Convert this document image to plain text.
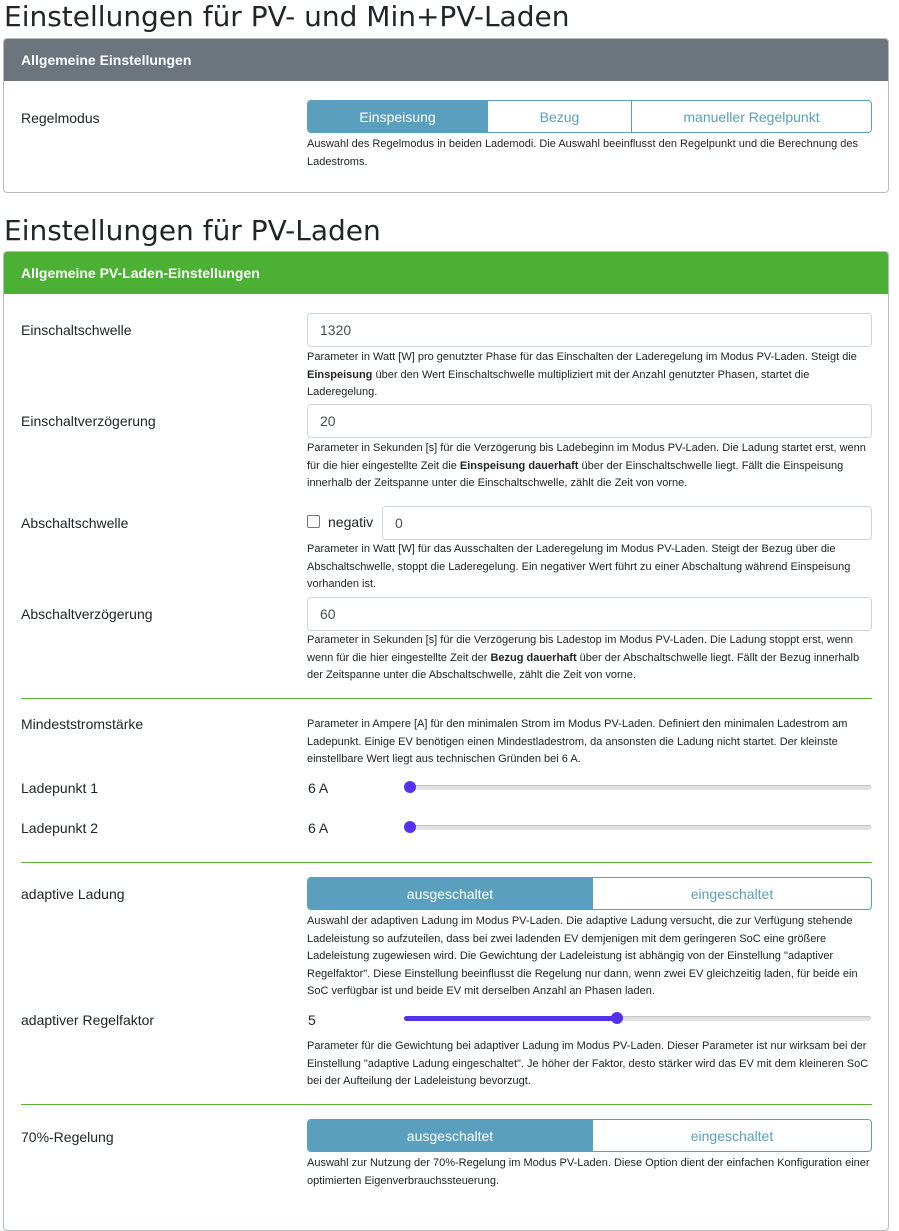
Einstellungen für PV- und Min+PV-Laden
Allgemeine Einstellungen
Regelmodus	Einspeisung	Bezug	manueller Regelpunkt
Auswahl des Regelmodus in beiden Lademodi. Die Auswahl beeinflusst den Regelpunkt und die Berechnung des Ladestroms.
Einstellungen für PV-Laden
Allgemeine PV-Laden-Einstellungen
Einschaltschwelle	1320
Parameter in Watt [W] pro genutzter Phase für das Einschalten der Laderegelung im Modus PV-Laden. Steigt die Einspeisung über den Wert Einschaltschwelle multipliziert mit der Anzahl genutzter Phasen, startet die Laderegelung.
Einschaltverzögerung	20
Parameter in Sekunden [s] für die Verzögerung bis Ladebeginn im Modus PV-Laden. Die Ladung startet erst, wenn für die hier eingestellte Zeit die Einspeisung dauerhaft über der Einschaltschwelle liegt. Fällt die Einspeisung innerhalb der Zeitspanne unter die Einschaltschwelle, zählt die Zeit von vorne.
Abschaltschwelle	negativ	0
Parameter in Watt [W] für das Ausschalten der Laderegelung im Modus PV-Laden. Steigt der Bezug über die Abschaltschwelle, stoppt die Laderegelung. Ein negativer Wert führt zu einer Abschaltung während Einspeisung vorhanden ist.
Abschaltverzögerung	60
Parameter in Sekunden [s] für die Verzögerung bis Ladestop im Modus PV-Laden. Die Ladung stoppt erst, wenn wenn für die hier eingestellte Zeit der Bezug dauerhaft über der Abschaltschwelle liegt. Fällt der Bezug innerhalb der Zeitspanne unter die Abschaltschwelle, zählt die Zeit von vorne.
Mindeststromstärke	Parameter in Ampere [A] für den minimalen Strom im Modus PV-Laden. Definiert den minimalen Ladestrom am Ladepunkt. Einige EV benötigen einen Mindestladestrom, da ansonsten die Ladung nicht startet. Der kleinste einstellbare Wert liegt aus technischen Gründen bei 6 A.
Ladepunkt 1	6 A
Ladepunkt 2	6 A
adaptive Ladung	ausgeschaltet	eingeschaltet
Auswahl der adaptiven Ladung im Modus PV-Laden. Die adaptive Ladung versucht, die zur Verfügung stehende Ladeleistung so aufzuteilen, dass bei zwei ladenden EV demjenigen mit dem geringeren SoC eine größere Ladeleistung zugewiesen wird. Die Gewichtung der Ladeleistung ist abhängig von der Einstellung "adaptiver Regelfaktor". Diese Einstellung beeinflusst die Regelung nur dann, wenn zwei EV gleichzeitig laden, für beide ein SoC verfügbar ist und beide EV mit derselben Anzahl an Phasen laden.
adaptiver Regelfaktor	5
Parameter für die Gewichtung bei adaptiver Ladung im Modus PV-Laden. Dieser Parameter ist nur wirksam bei der Einstellung "adaptive Ladung eingeschaltet". Je höher der Faktor, desto stärker wird das EV mit dem kleineren SoC bei der Aufteilung der Ladeleistung bevorzugt.
70%-Regelung	ausgeschaltet	eingeschaltet
Auswahl zur Nutzung der 70%-Regelung im Modus PV-Laden. Diese Option dient der einfachen Konfiguration einer optimierten Eigenverbrauchssteuerung.
